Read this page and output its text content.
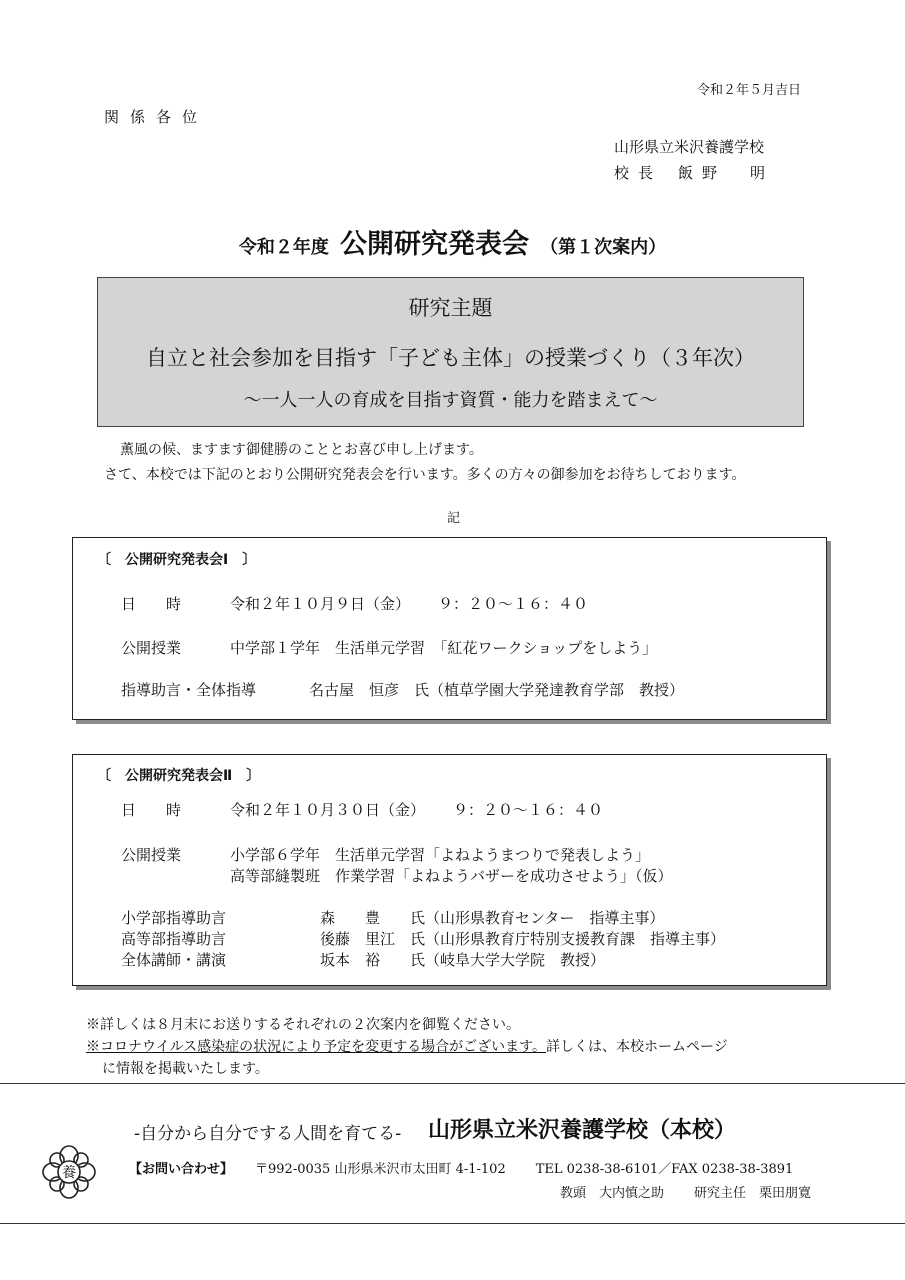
令和２年５月吉日
関係各位
山形県立米沢養護学校
校長 飯野　明
令和２年度 公開研究発表会 （第１次案内）
研究主題
自立と社会参加を目指す「子ども主体」の授業づくり（３年次）
～一人一人の育成を目指す資質・能力を踏まえて～
薫風の候、ますます御健勝のこととお喜び申し上げます。
さて、本校では下記のとおり公開研究発表会を行います。多くの方々の御参加をお待ちしております。
記
〔　公開研究発表会Ⅰ　〕
日　　時	令和２年１０月９日（金） ９：２０～１６：４０
公開授業	中学部１学年　生活単元学習　「紅花ワークショップをしよう」
指導助言・全体指導	名古屋　恒彦　氏（植草学園大学発達教育学部　教授）
〔　公開研究発表会Ⅱ　〕
日　　時	令和２年１０月３０日（金） ９：２０～１６：４０
公開授業	小学部６学年　生活単元学習「よねようまつりで発表しよう」
高等部縫製班　作業学習「よねようバザーを成功させよう」（仮）
小学部指導助言	森　　豊　　氏（山形県教育センター　指導主事）
高等部指導助言	後藤　里江　氏（山形県教育庁特別支援教育課　指導主事）
全体講師・講演	坂本　裕　　氏（岐阜大学大学院　教授）
※詳しくは８月末にお送りするそれぞれの２次案内を御覧ください。
※コロナウイルス感染症の状況により予定を変更する場合がございます。詳しくは、本校ホームページ
に情報を掲載いたします。
-自分から自分でする人間を育てる- 山形県立米沢養護学校（本校）
養	【お問い合わせ】 〒992-0035 山形県米沢市太田町 4-1-102 TEL 0238-38-6101／FAX 0238-38-3891
教頭　大内慎之助 研究主任　栗田朋寛
